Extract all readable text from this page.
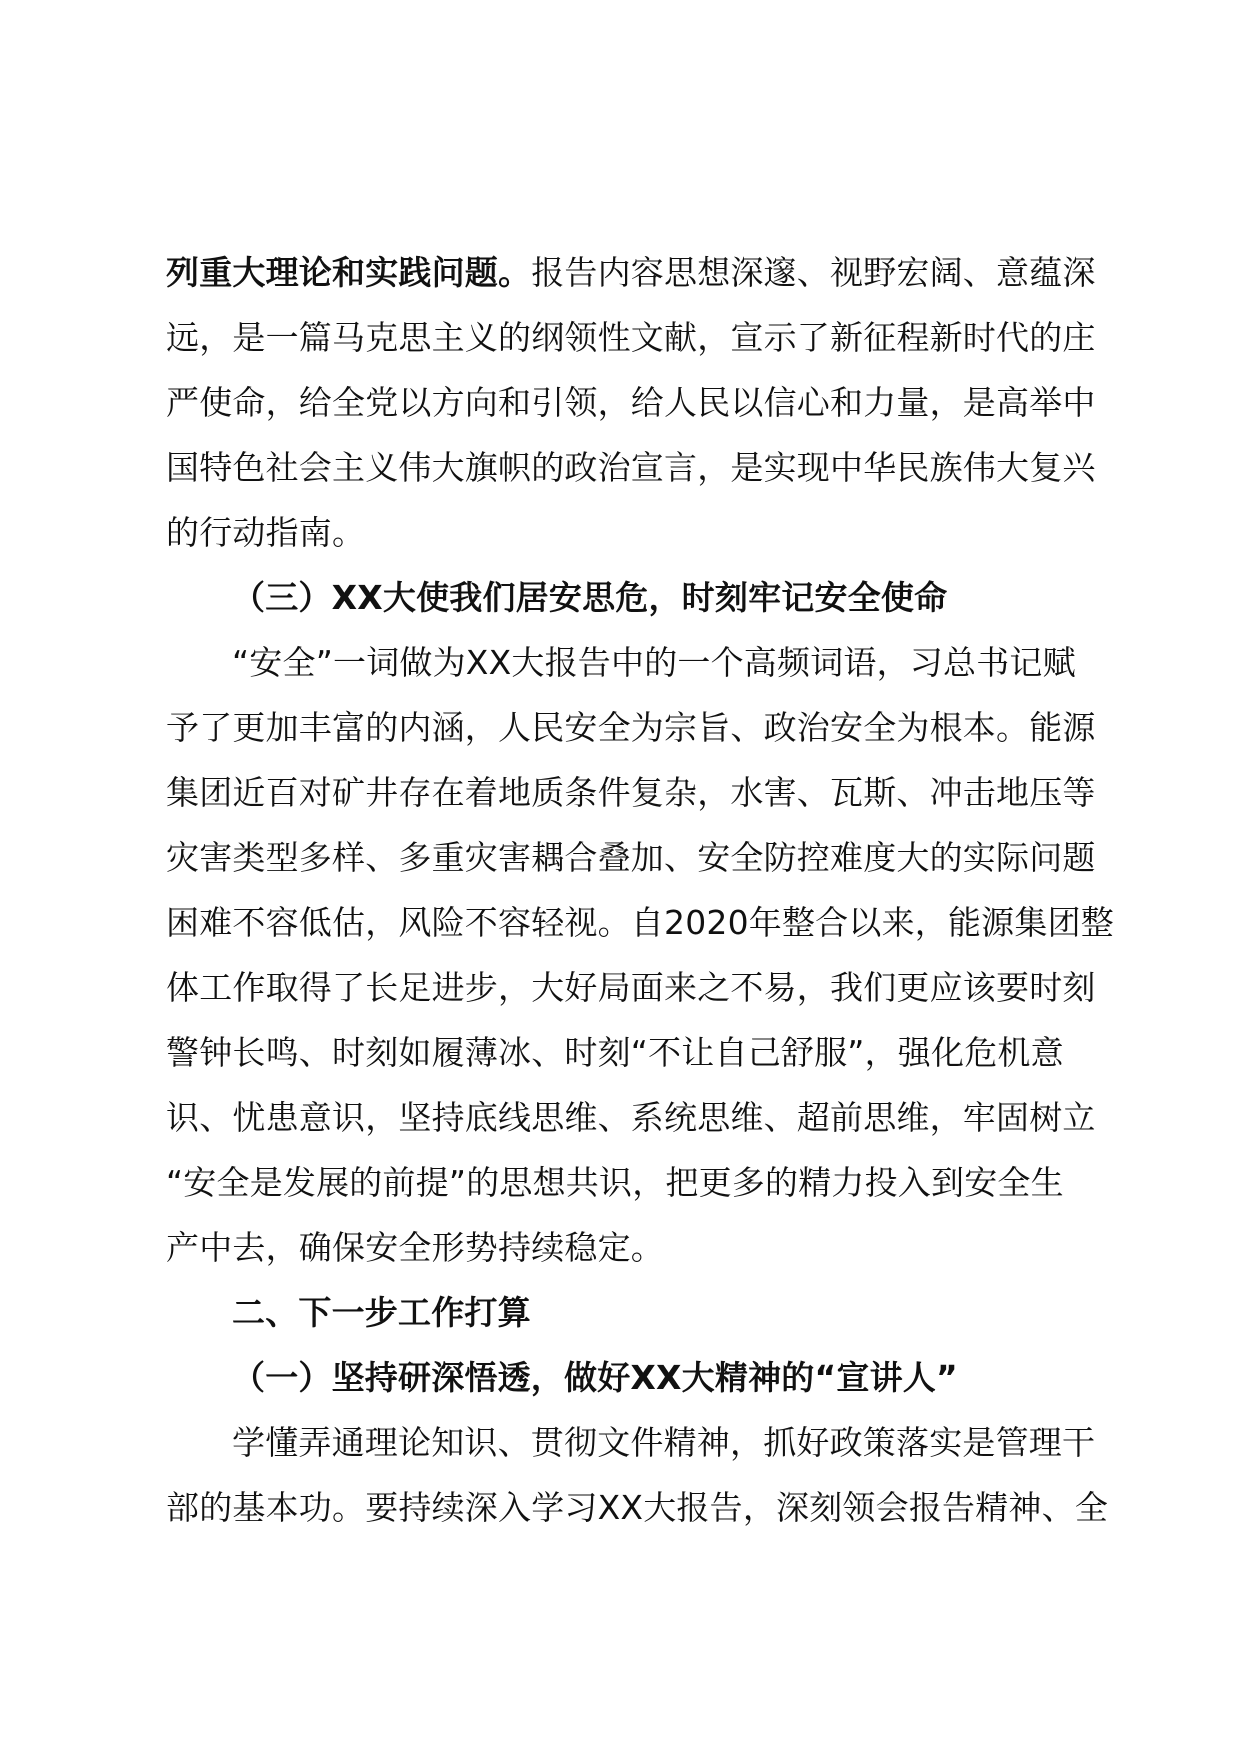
列重大理论和实践问题。报告内容思想深邃、视野宏阔、意蕴深
远，是一篇马克思主义的纲领性文献，宣示了新征程新时代的庄
严使命，给全党以方向和引领，给人民以信心和力量，是高举中
国特色社会主义伟大旗帜的政治宣言，是实现中华民族伟大复兴
的行动指南。
（三）XX大使我们居安思危，时刻牢记安全使命
“安全”一词做为XX大报告中的一个高频词语，习总书记赋
予了更加丰富的内涵，人民安全为宗旨、政治安全为根本。能源
集团近百对矿井存在着地质条件复杂，水害、瓦斯、冲击地压等
灾害类型多样、多重灾害耦合叠加、安全防控难度大的实际问题
困难不容低估，风险不容轻视。自2020年整合以来，能源集团整
体工作取得了长足进步，大好局面来之不易，我们更应该要时刻
警钟长鸣、时刻如履薄冰、时刻“不让自己舒服”，强化危机意
识、忧患意识，坚持底线思维、系统思维、超前思维，牢固树立
“安全是发展的前提”的思想共识，把更多的精力投入到安全生
产中去，确保安全形势持续稳定。
二、下一步工作打算
（一）坚持研深悟透，做好XX大精神的“宣讲人”
学懂弄通理论知识、贯彻文件精神，抓好政策落实是管理干
部的基本功。要持续深入学习XX大报告，深刻领会报告精神、全
